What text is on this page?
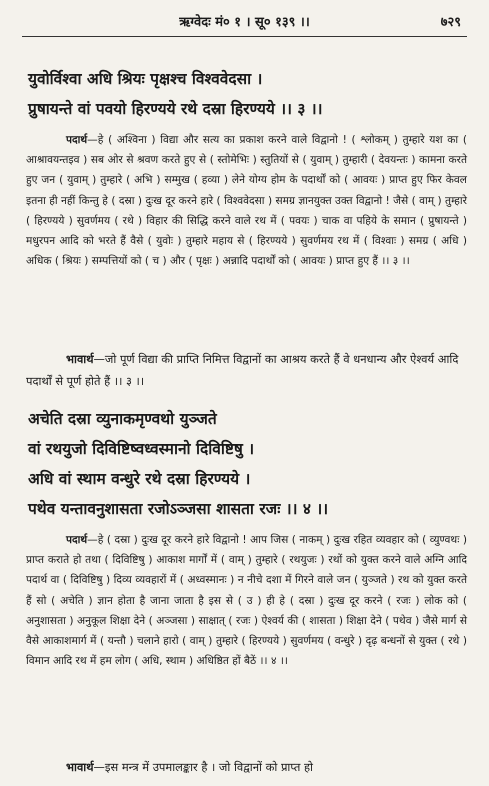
ऋग्वेदः मं० १ । सू० १३९ ।।	७२९
युवोर्विश्वा अधि श्रियः पृक्षश्च विश्ववेदसा ।
प्रुषायन्ते वां पवयो हिरण्यये रथे दस्रा हिरण्यये ।। ३ ।।

पदार्थ—हे ( अश्विना ) विद्या और सत्य का प्रकाश करने वाले विद्वानो ! ( श्लोकम् ) तुम्हारे यश का ( आश्रावयन्तइव ) सब ओर से श्रवण करते हुए से ( स्तोमेभिः ) स्तुतियों से ( युवाम् ) तुम्हारी ( देवयन्तः ) कामना करते हुए जन ( युवाम् ) तुम्हारे ( अभि ) सम्मुख ( हव्या ) लेने योग्य होम के पदार्थों को ( आवयः ) प्राप्त हुए फिर केवल इतना ही नहीं किन्तु हे ( दस्रा ) दुःख दूर करने हारे ( विश्ववेदसा ) समग्र ज्ञानयुक्त उक्त विद्वानो ! जैसे ( वाम् ) तुम्हारे ( हिरण्यये ) सुवर्णमय ( रथे ) विहार की सिद्धि करने वाले रथ में ( पवयः ) चाक वा पहिये के समान ( प्रुषायन्ते ) मधुरपन आदि को भरते हैं वैसे ( युवोः ) तुम्हारे महाय से ( हिरण्यये ) सुवर्णमय रथ में ( विश्वाः ) समग्र ( अधि ) अधिक ( श्रियः ) सम्पत्तियों को ( च ) और ( पृक्षः ) अन्नादि पदार्थों को ( आवयः ) प्राप्त हुए हैं ।। ३ ।।

भावार्थ—जो पूर्ण विद्या की प्राप्ति निमित्त विद्वानों का आश्रय करते हैं वे धनधान्य और ऐश्वर्य आदि पदार्थों से पूर्ण होते हैं ।। ३ ।।

अचेति दस्रा व्युनाकमृण्वथो युञ्जते
वां रथयुजो दिविष्टिष्वध्वस्मानो दिविष्टिषु ।
अधि वां स्थाम वन्धुरे रथे दस्रा हिरण्यये ।
पथेव यन्तावनुशासता रजोऽञ्जसा शासता रजः ।। ४ ।।

पदार्थ—हे ( दस्रा ) दुःख दूर करने हारे विद्वानो ! आप जिस ( नाकम् ) दुःख रहित व्यवहार को ( व्युण्वथः ) प्राप्त कराते हो तथा ( दिविष्टिषु ) आकाश मार्गों में ( वाम् ) तुम्हारे ( रथयुजः ) रथों को युक्त करने वाले अग्नि आदि पदार्थ वा ( दिविष्टिषु ) दिव्य व्यवहारों में ( अध्वस्मानः ) न नीचे दशा में गिरने वाले जन ( युञ्जते ) रथ को युक्त करते हैं सो ( अचेति ) ज्ञान होता है जाना जाता है इस से ( उ ) ही हे ( दस्रा ) दुःख दूर करने ( रजः ) लोक को ( अनुशासता ) अनुकूल शिक्षा देने ( अञ्जसा ) साक्षात् ( रजः ) ऐश्वर्य की ( शासता ) शिक्षा देने ( पथेव ) जैसे मार्ग से वैसे आकाशमार्ग में ( यन्तौ ) चलाने हारो ( वाम् ) तुम्हारे ( हिरण्यये ) सुवर्णमय ( वन्धुरे ) दृढ़ बन्धनों से युक्त ( रथे ) विमान आदि रथ में हम लोग ( अधि, स्थाम ) अधिष्ठित हों बैठें ।। ४ ।।

भावार्थ—इस मन्त्र में उपमालङ्कार है । जो विद्वानों को प्राप्त हो
